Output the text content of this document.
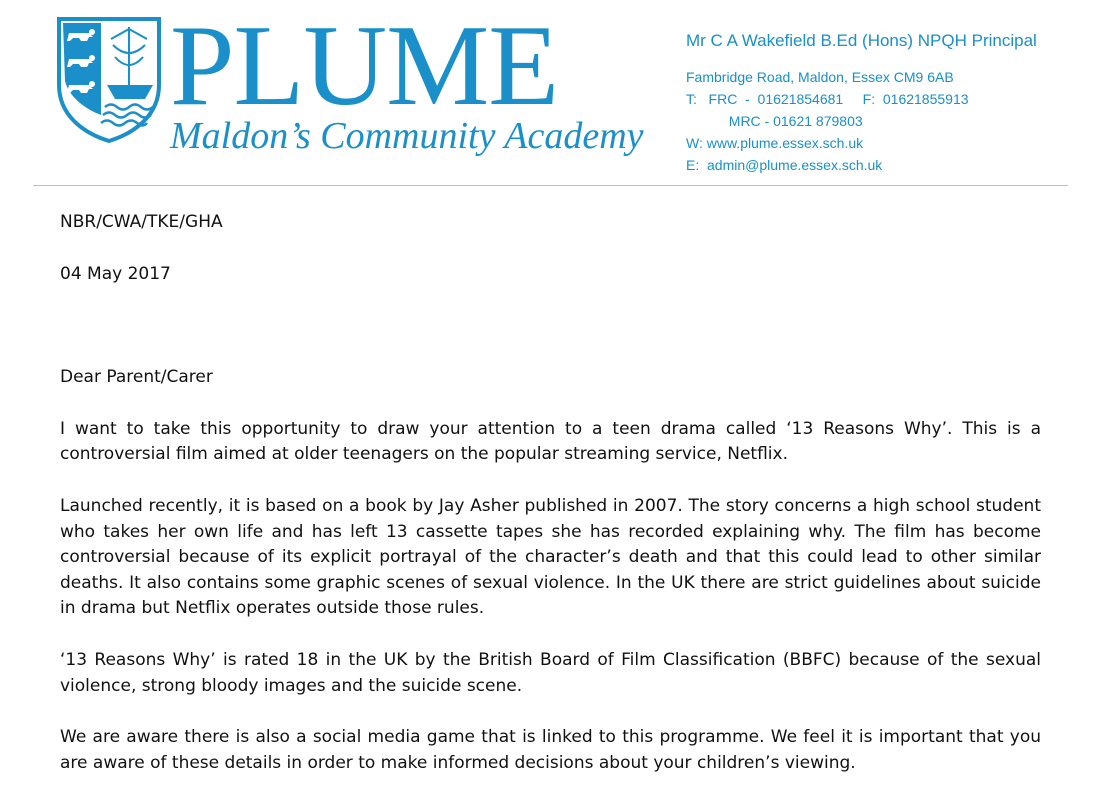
PLUME
Maldon’s Community Academy
Mr C A Wakefield B.Ed (Hons) NPQH Principal
Fambridge Road, Maldon, Essex CM9 6AB
T:   FRC  -  01621854681     F:  01621855913
MRC - 01621 879803
W: www.plume.essex.sch.uk
E:  admin@plume.essex.sch.uk

NBR/CWA/TKE/GHA

04 May 2017

Dear Parent/Carer

I want to take this opportunity to draw your attention to a teen drama called ‘13 Reasons Why’. This is a controversial film aimed at older teenagers on the popular streaming service, Netflix.

Launched recently, it is based on a book by Jay Asher published in 2007. The story concerns a high school student who takes her own life and has left 13 cassette tapes she has recorded explaining why. The film has become controversial because of its explicit portrayal of the character’s death and that this could lead to other similar deaths. It also contains some graphic scenes of sexual violence. In the UK there are strict guidelines about suicide in drama but Netflix operates outside those rules.

‘13 Reasons Why’ is rated 18 in the UK by the British Board of Film Classification (BBFC) because of the sexual violence, strong bloody images and the suicide scene.

We are aware there is also a social media game that is linked to this programme. We feel it is important that you are aware of these details in order to make informed decisions about your children’s viewing.
